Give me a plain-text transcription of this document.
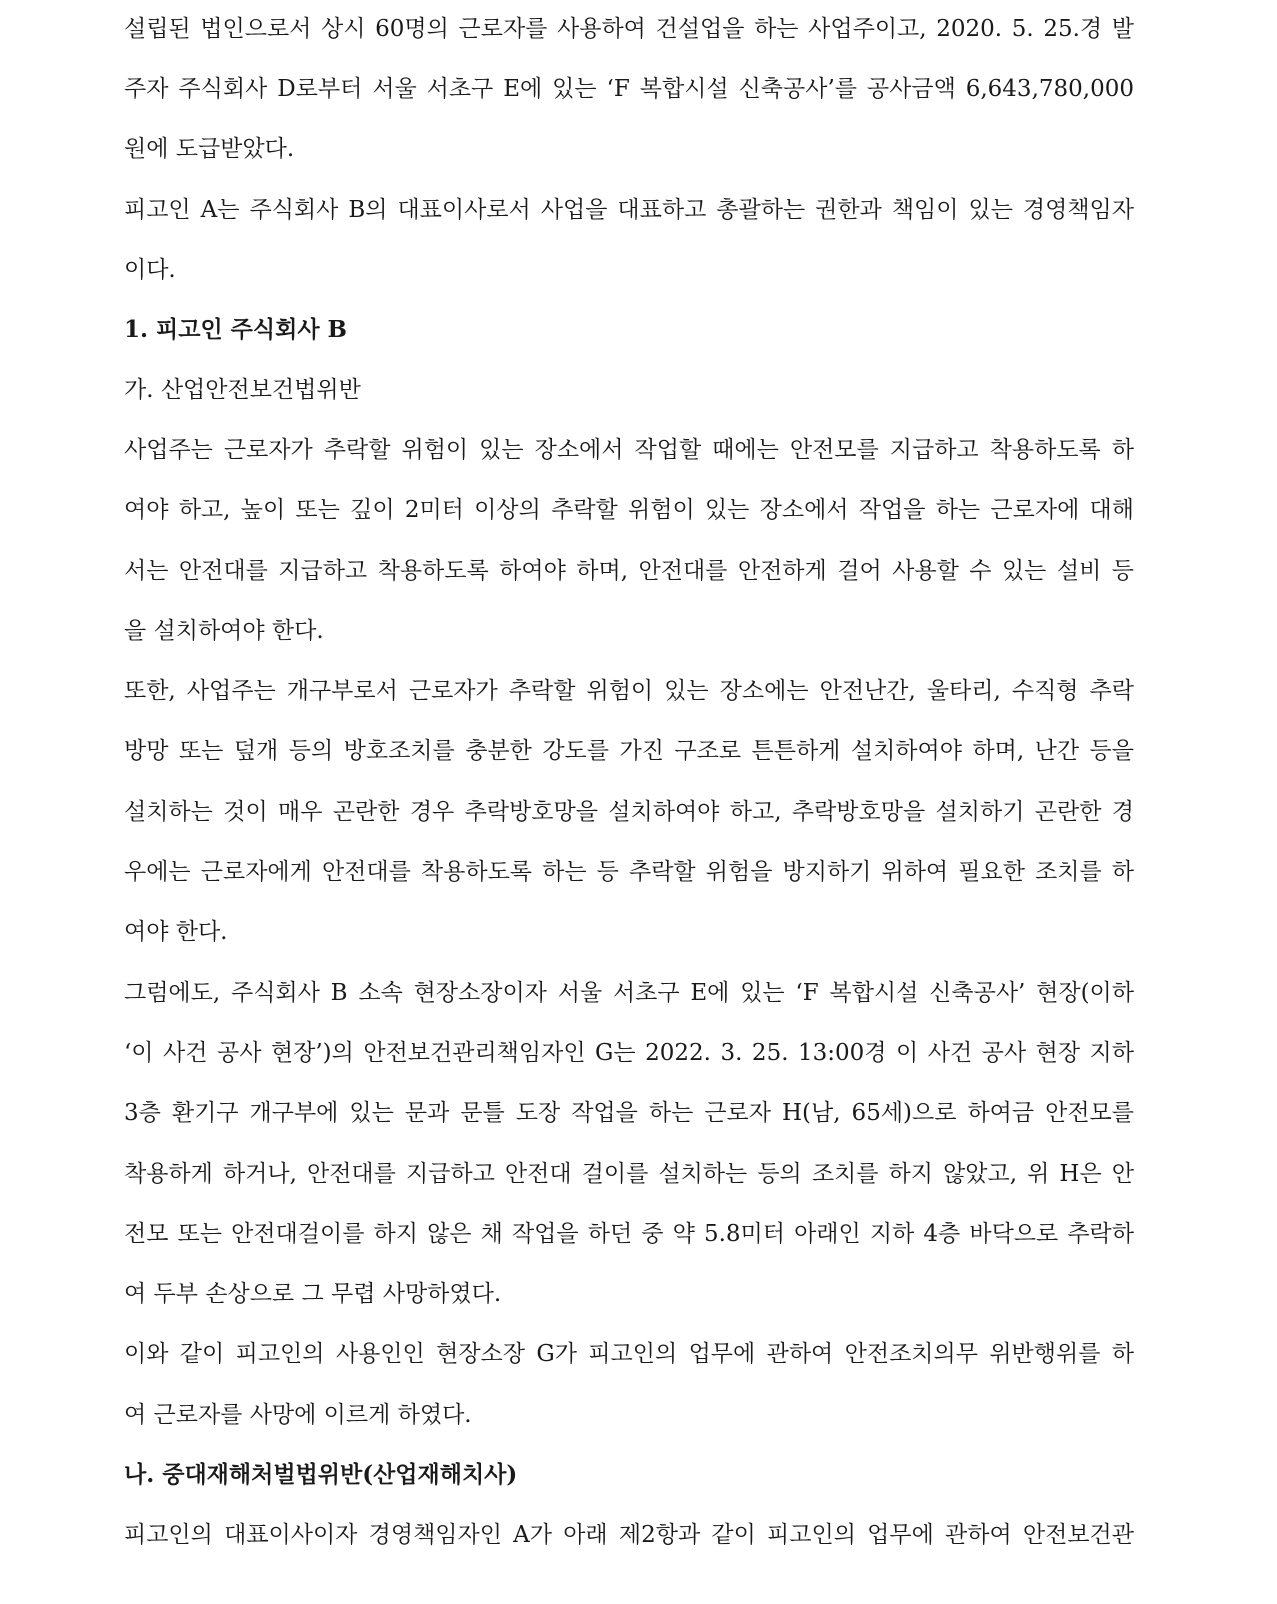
설립된 법인으로서 상시 60명의 근로자를 사용하여 건설업을 하는 사업주이고, 2020. 5. 25.경 발
주자 주식회사 D로부터 서울 서초구 E에 있는 ‘F 복합시설 신축공사’를 공사금액 6,643,780,000
원에 도급받았다.
피고인 A는 주식회사 B의 대표이사로서 사업을 대표하고 총괄하는 권한과 책임이 있는 경영책임자
이다.
1. 피고인 주식회사 B
가. 산업안전보건법위반
사업주는 근로자가 추락할 위험이 있는 장소에서 작업할 때에는 안전모를 지급하고 착용하도록 하
여야 하고, 높이 또는 깊이 2미터 이상의 추락할 위험이 있는 장소에서 작업을 하는 근로자에 대해
서는 안전대를 지급하고 착용하도록 하여야 하며, 안전대를 안전하게 걸어 사용할 수 있는 설비 등
을 설치하여야 한다.
또한, 사업주는 개구부로서 근로자가 추락할 위험이 있는 장소에는 안전난간, 울타리, 수직형 추락
방망 또는 덮개 등의 방호조치를 충분한 강도를 가진 구조로 튼튼하게 설치하여야 하며, 난간 등을
설치하는 것이 매우 곤란한 경우 추락방호망을 설치하여야 하고, 추락방호망을 설치하기 곤란한 경
우에는 근로자에게 안전대를 착용하도록 하는 등 추락할 위험을 방지하기 위하여 필요한 조치를 하
여야 한다.
그럼에도, 주식회사 B 소속 현장소장이자 서울 서초구 E에 있는 ‘F 복합시설 신축공사’ 현장(이하
‘이 사건 공사 현장’)의 안전보건관리책임자인 G는 2022. 3. 25. 13:00경 이 사건 공사 현장 지하
3층 환기구 개구부에 있는 문과 문틀 도장 작업을 하는 근로자 H(남, 65세)으로 하여금 안전모를
착용하게 하거나, 안전대를 지급하고 안전대 걸이를 설치하는 등의 조치를 하지 않았고, 위 H은 안
전모 또는 안전대걸이를 하지 않은 채 작업을 하던 중 약 5.8미터 아래인 지하 4층 바닥으로 추락하
여 두부 손상으로 그 무렵 사망하였다.
이와 같이 피고인의 사용인인 현장소장 G가 피고인의 업무에 관하여 안전조치의무 위반행위를 하
여 근로자를 사망에 이르게 하였다.
나. 중대재해처벌법위반(산업재해치사)
피고인의 대표이사이자 경영책임자인 A가 아래 제2항과 같이 피고인의 업무에 관하여 안전보건관
